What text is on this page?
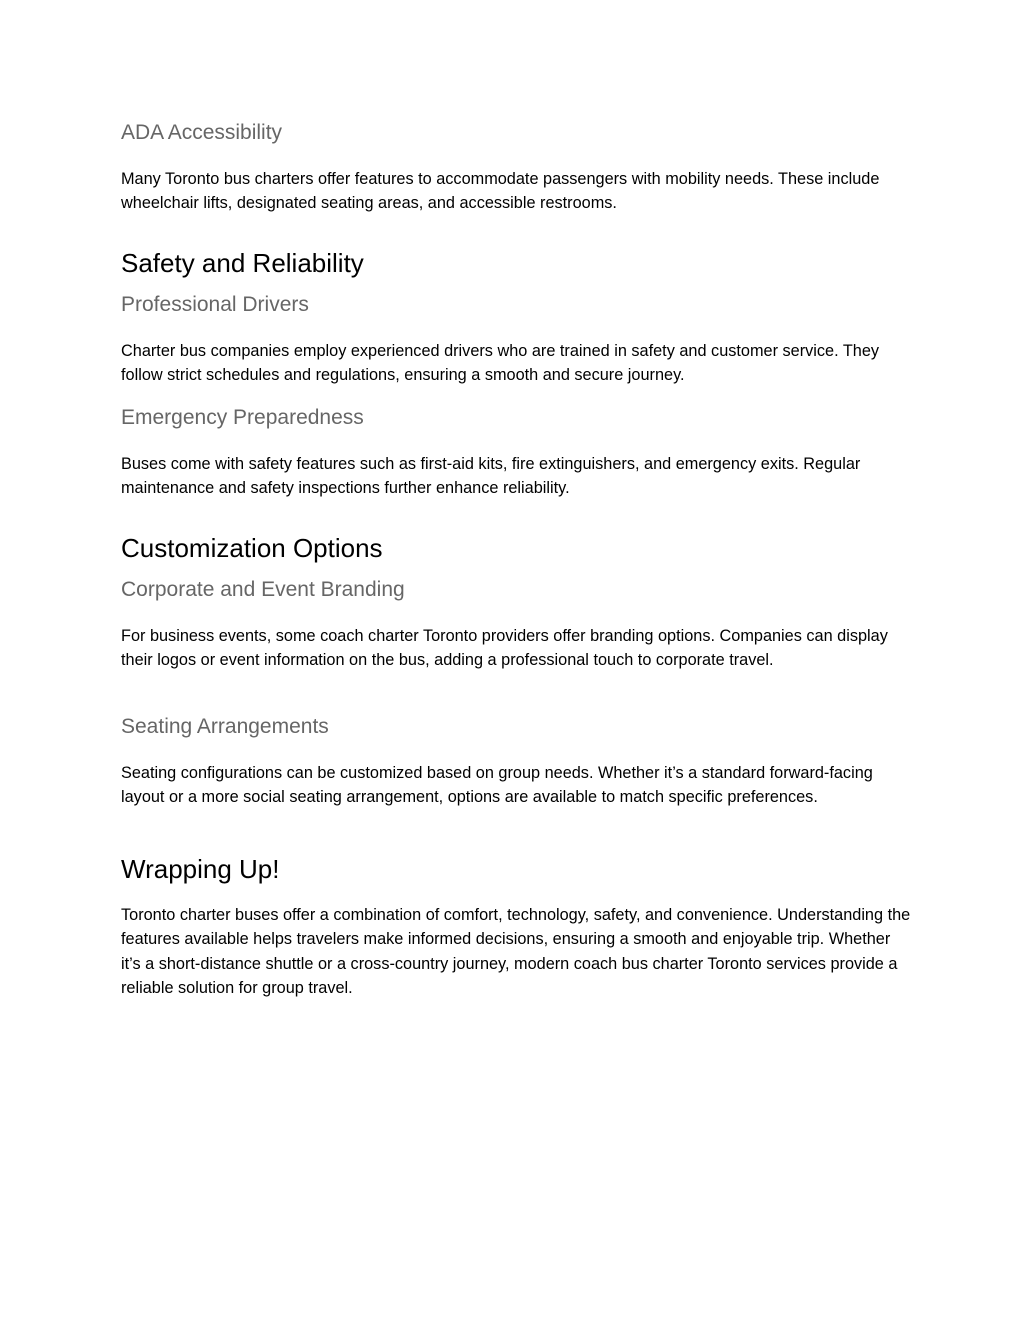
ADA Accessibility

Many Toronto bus charters offer features to accommodate passengers with mobility needs. These include wheelchair lifts, designated seating areas, and accessible restrooms.

Safety and Reliability
Professional Drivers

Charter bus companies employ experienced drivers who are trained in safety and customer service. They follow strict schedules and regulations, ensuring a smooth and secure journey.

Emergency Preparedness

Buses come with safety features such as first-aid kits, fire extinguishers, and emergency exits. Regular maintenance and safety inspections further enhance reliability.

Customization Options
Corporate and Event Branding

For business events, some coach charter Toronto providers offer branding options. Companies can display their logos or event information on the bus, adding a professional touch to corporate travel.

Seating Arrangements

Seating configurations can be customized based on group needs. Whether it’s a standard forward-facing layout or a more social seating arrangement, options are available to match specific preferences.

Wrapping Up!

Toronto charter buses offer a combination of comfort, technology, safety, and convenience. Understanding the features available helps travelers make informed decisions, ensuring a smooth and enjoyable trip. Whether it’s a short-distance shuttle or a cross-country journey, modern coach bus charter Toronto services provide a reliable solution for group travel.
